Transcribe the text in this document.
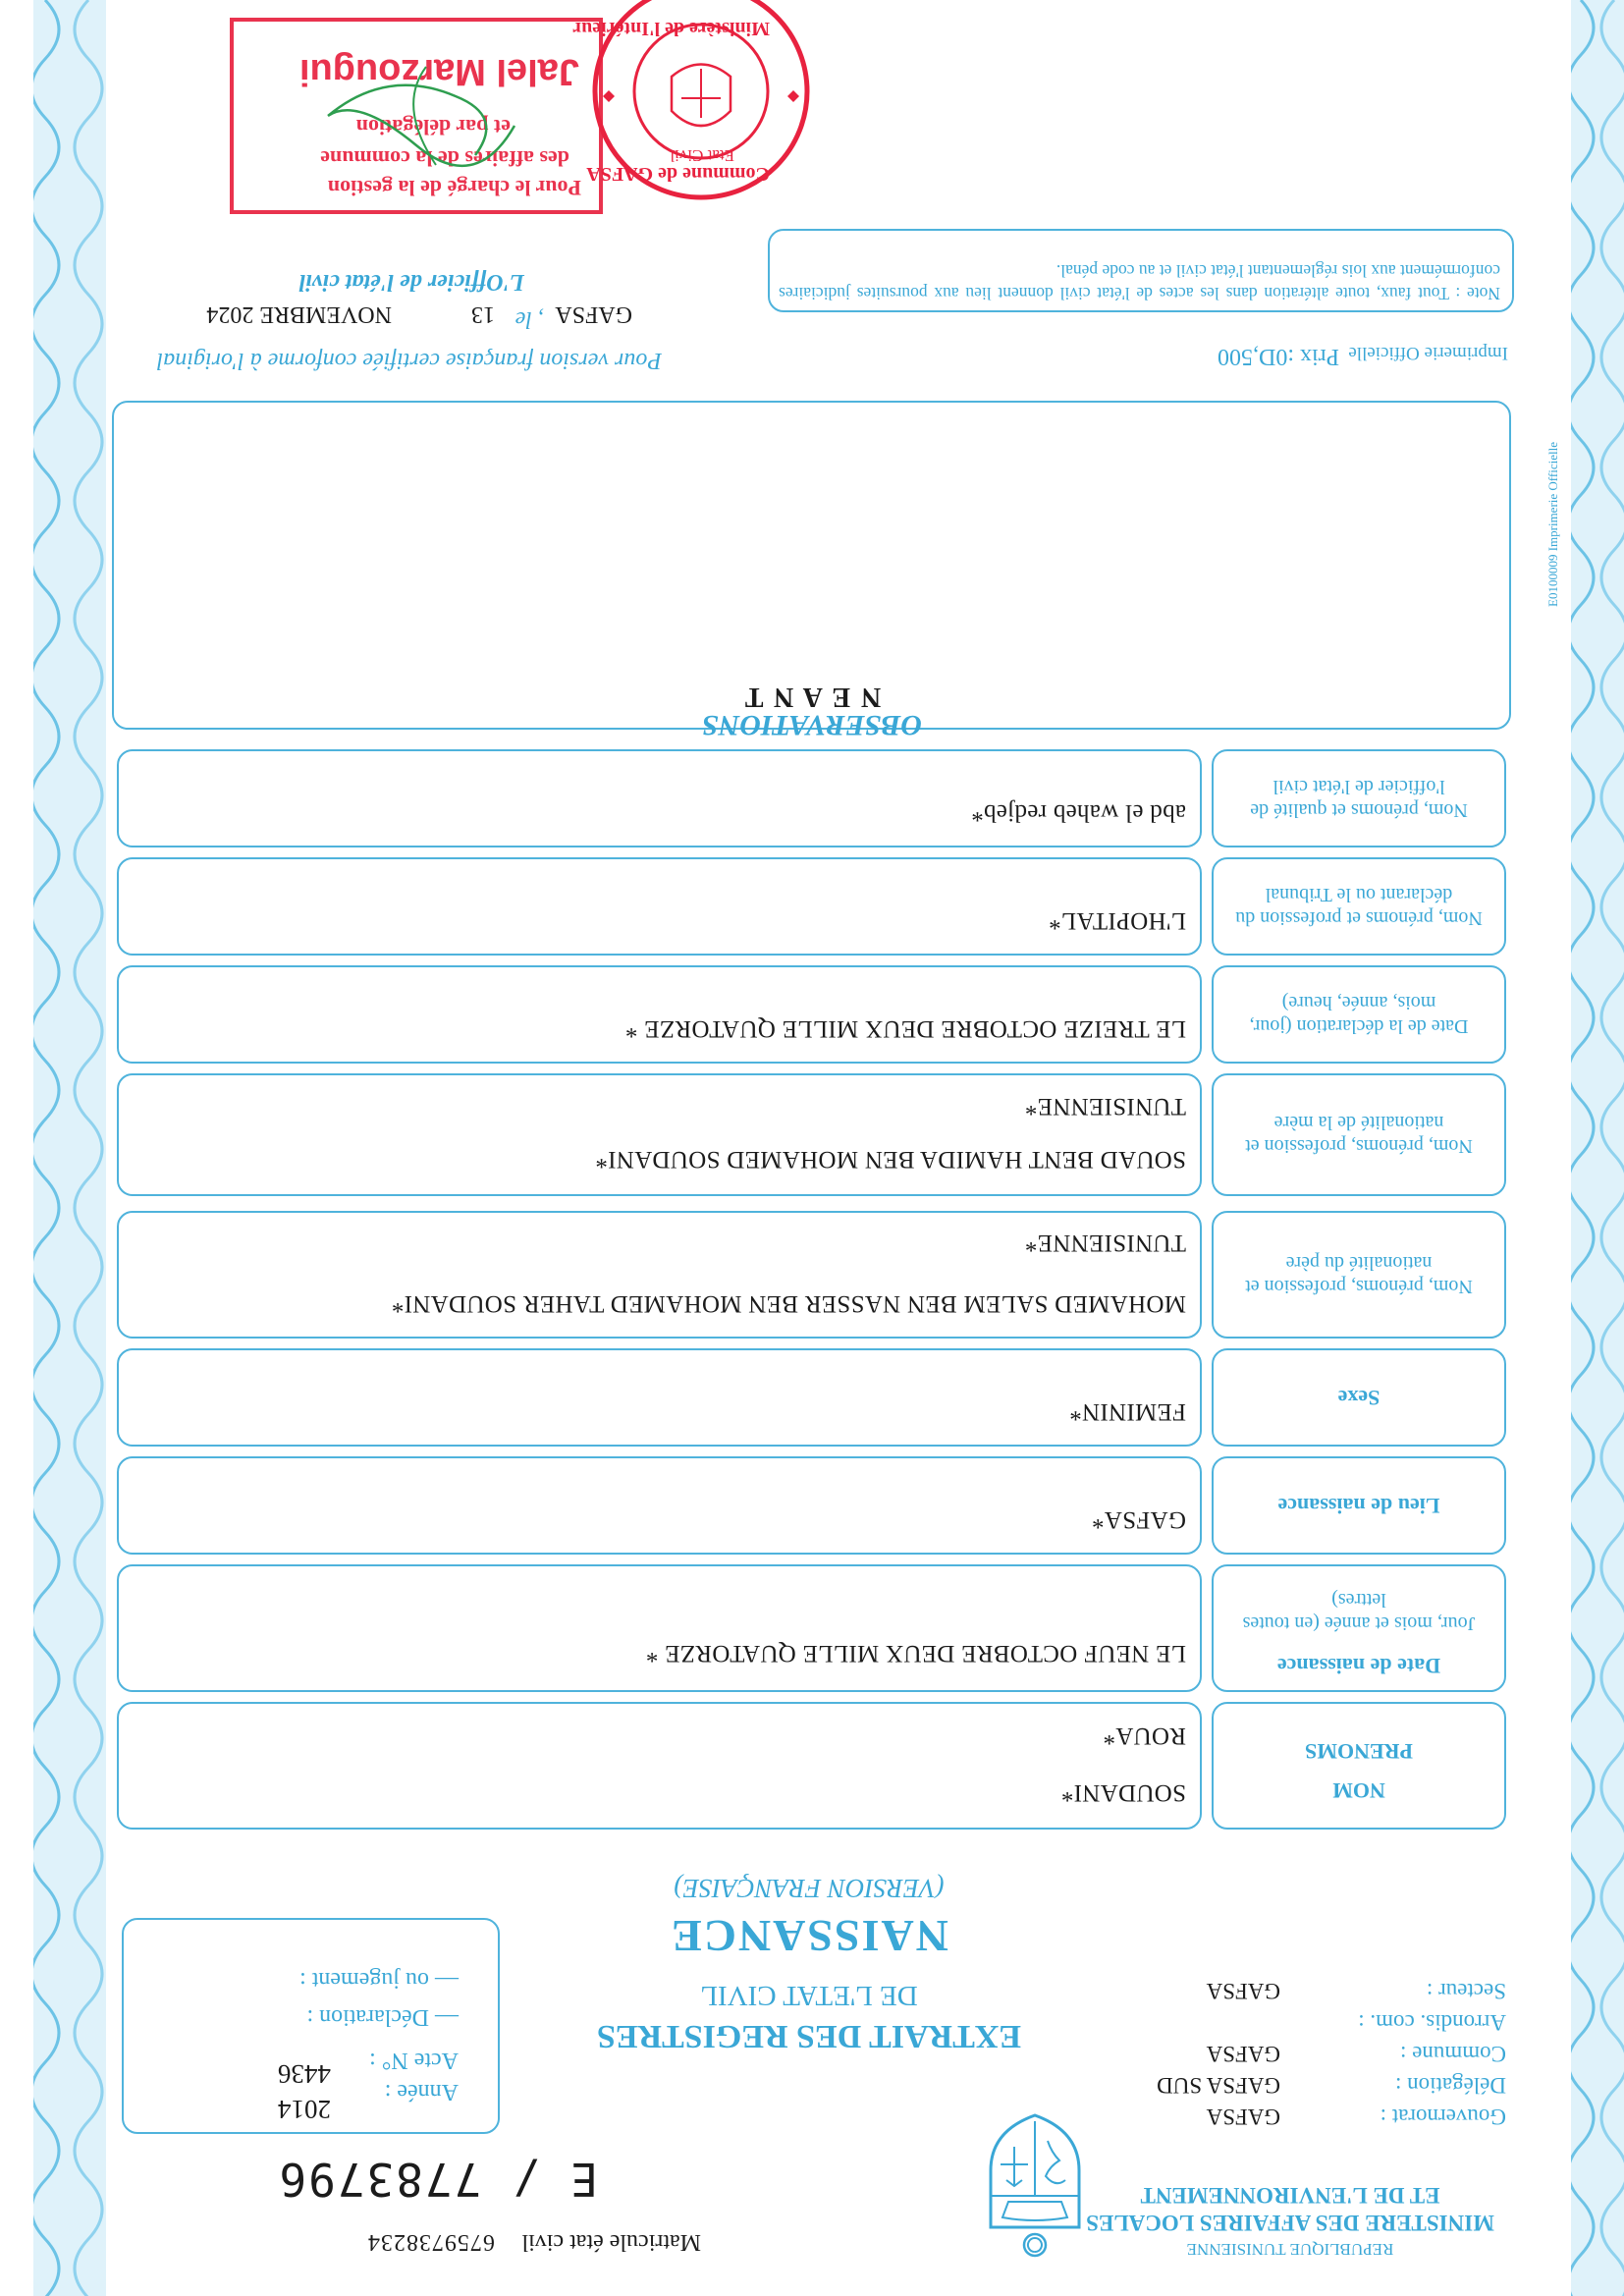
REPUBLIQUE TUNISIENNE
MINISTERE DES AFFAIRES LOCALES
ET DE L'ENVIRONNEMENT
Matricule état civil
6759738234
E / 7783796
Gouvernorat :
GAFSA
Délégation :
GAFSA SUD
Commune :
GAFSA
Arrondis. com. :
Secteur :
GAFSA
EXTRAIT DES REGISTRES
DE L'ETAT CIVIL
NAISSANCE
(VERSION FRANÇAISE)
Année :
2014
Acte N° :
4436
— Déclaration :
— ou jugement :
NOM
PRENOMS
SOUDANI*
ROUA*
Date de naissance
Jour, mois et année (en toutes lettres)
LE NEUF OCTOBRE DEUX MILLE QUATORZE *
Lieu de naissance
GAFSA*
Sexe
FEMININ*
Nom, prénoms, profession et nationalité du père
MOHAMED SALEM BEN NASSER BEN MOHAMED TAHER SOUDANI*
TUNISIENNE*
Nom, prénoms, profession et nationalité de la mère
SOUAD BENT HAMIDA BEN MOHAMED SOUDANI*
TUNISIENNE*
Date de la déclaration (jour, mois, année, heure)
LE TREIZE OCTOBRE DEUX MILLE QUATORZE *
Nom, prénoms et profession du déclarant ou le Tribunal
L'HOPITAL*
Nom, prénoms et qualité de l'officier de l'état civil
abd el waheb redjeb*
OBSERVATIONS
N E A N T
E0100009 Imprimerie Officielle
Imprimerie Officielle
Prix :0D,500
Pour version française certifiée conforme à l'original
Note : Tout faux, toute altération dans les actes de l'état civil donnent lieu aux poursuites judiciaires conformément aux lois réglementant l'état civil et au code pénal.
GAFSA
, le
13
NOVEMBRE 2024
L'Officier de l'état civil
Commune de GAFSA
Ministère de l'Intérieur
Etat Civil
Pour le chargé de la gestion
des affaires de la commune
et par délégation
Jalel Marzougui
